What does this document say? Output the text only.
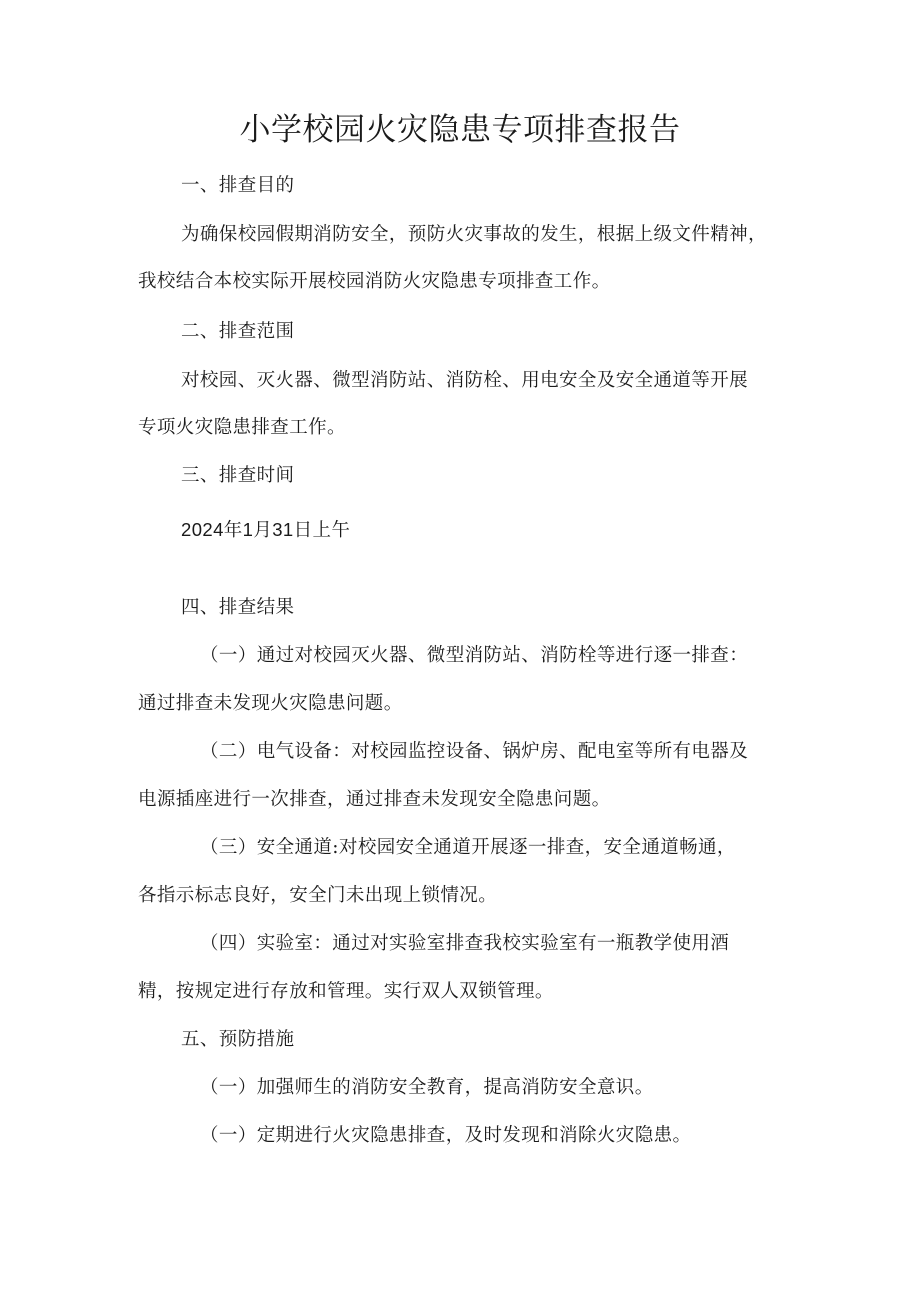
小学校园火灾隐患专项排查报告
一、排查目的
为确保校园假期消防安全，预防火灾事故的发生，根据上级文件精神，
我校结合本校实际开展校园消防火灾隐患专项排查工作。
二、排查范围
对校园、灭火器、微型消防站、消防栓、用电安全及安全通道等开展
专项火灾隐患排查工作。
三、排查时间
2024年1月31日上午
四、排查结果
（一）通过对校园灭火器、微型消防站、消防栓等进行逐一排查：
通过排查未发现火灾隐患问题。
（二）电气设备：对校园监控设备、锅炉房、配电室等所有电器及
电源插座进行一次排查，通过排查未发现安全隐患问题。
（三）安全通道:对校园安全通道开展逐一排查，安全通道畅通，
各指示标志良好，安全门未出现上锁情况。
（四）实验室：通过对实验室排查我校实验室有一瓶教学使用酒
精，按规定进行存放和管理。实行双人双锁管理。
五、预防措施
（一）加强师生的消防安全教育，提高消防安全意识。
（一）定期进行火灾隐患排查，及时发现和消除火灾隐患。
